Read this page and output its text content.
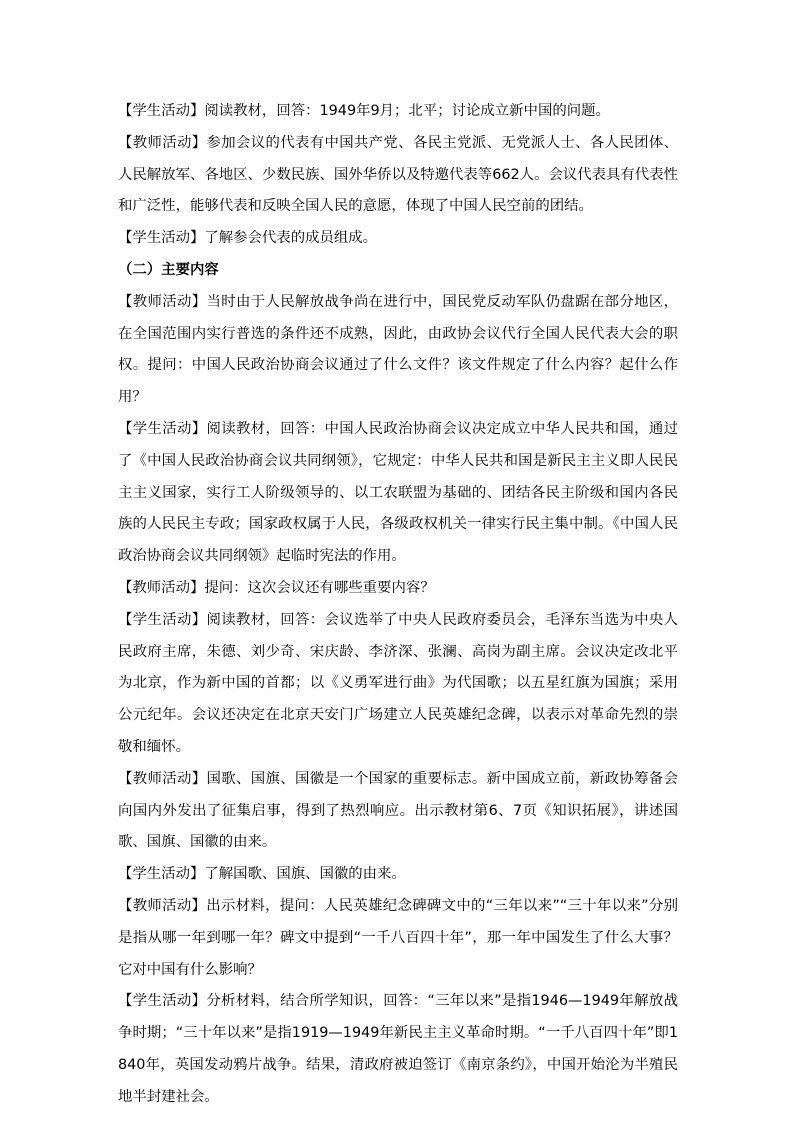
【学生活动】阅读教材，回答：1949年9月；北平；讨论成立新中国的问题。

【教师活动】参加会议的代表有中国共产党、各民主党派、无党派人士、各人民团体、人民解放军、各地区、少数民族、国外华侨以及特邀代表等662人。会议代表具有代表性和广泛性，能够代表和反映全国人民的意愿，体现了中国人民空前的团结。

【学生活动】了解参会代表的成员组成。

（二）主要内容

【教师活动】当时由于人民解放战争尚在进行中，国民党反动军队仍盘踞在部分地区，在全国范围内实行普选的条件还不成熟，因此，由政协会议代行全国人民代表大会的职权。提问：中国人民政治协商会议通过了什么文件？该文件规定了什么内容？起什么作用？

【学生活动】阅读教材，回答：中国人民政治协商会议决定成立中华人民共和国，通过了《中国人民政治协商会议共同纲领》，它规定：中华人民共和国是新民主主义即人民民主主义国家，实行工人阶级领导的、以工农联盟为基础的、团结各民主阶级和国内各民族的人民民主专政；国家政权属于人民，各级政权机关一律实行民主集中制。《中国人民政治协商会议共同纲领》起临时宪法的作用。

【教师活动】提问：这次会议还有哪些重要内容？

【学生活动】阅读教材，回答：会议选举了中央人民政府委员会，毛泽东当选为中央人民政府主席，朱德、刘少奇、宋庆龄、李济深、张澜、高岗为副主席。会议决定改北平为北京，作为新中国的首都；以《义勇军进行曲》为代国歌；以五星红旗为国旗；采用公元纪年。会议还决定在北京天安门广场建立人民英雄纪念碑，以表示对革命先烈的崇敬和缅怀。

【教师活动】国歌、国旗、国徽是一个国家的重要标志。新中国成立前，新政协筹备会向国内外发出了征集启事，得到了热烈响应。出示教材第6、7页《知识拓展》，讲述国歌、国旗、国徽的由来。

【学生活动】了解国歌、国旗、国徽的由来。

【教师活动】出示材料，提问：人民英雄纪念碑碑文中的“三年以来”“三十年以来”分别是指从哪一年到哪一年？碑文中提到“一千八百四十年”，那一年中国发生了什么大事？它对中国有什么影响？

【学生活动】分析材料，结合所学知识，回答：“三年以来”是指1946—1949年解放战争时期；“三十年以来”是指1919—1949年新民主主义革命时期。“一千八百四十年”即1840年，英国发动鸦片战争。结果，清政府被迫签订《南京条约》，中国开始沦为半殖民地半封建社会。
